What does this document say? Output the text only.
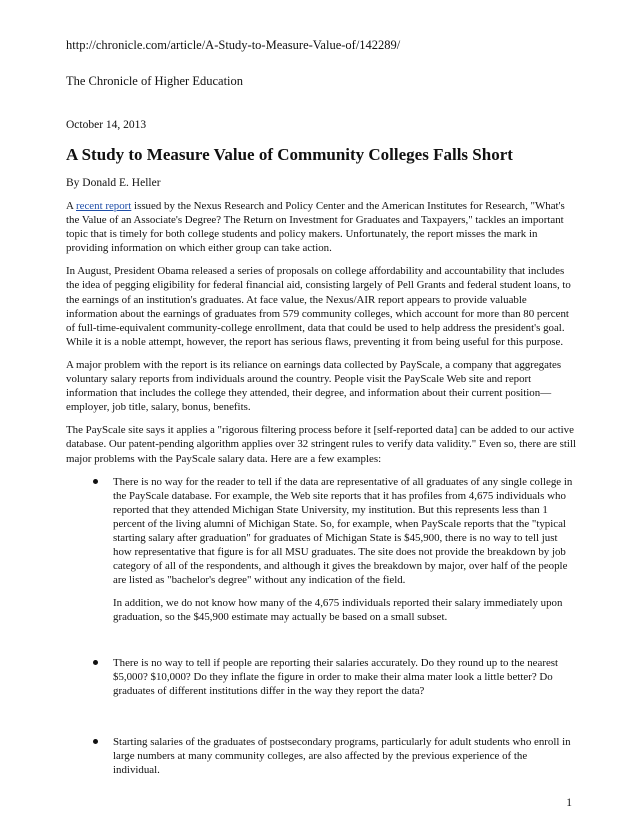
http://chronicle.com/article/A-Study-to-Measure-Value-of/142289/
The Chronicle of Higher Education
October 14, 2013
A Study to Measure Value of Community Colleges Falls Short
By Donald E. Heller

A recent report issued by the Nexus Research and Policy Center and the American Institutes for Research, "What's the Value of an Associate's Degree? The Return on Investment for Graduates and Taxpayers," tackles an important topic that is timely for both college students and policy makers. Unfortunately, the report misses the mark in providing information on which either group can take action.

In August, President Obama released a series of proposals on college affordability and accountability that includes the idea of pegging eligibility for federal financial aid, consisting largely of Pell Grants and federal student loans, to the earnings of an institution's graduates. At face value, the Nexus/AIR report appears to provide valuable information about the earnings of graduates from 579 community colleges, which account for more than 80 percent of full-time-equivalent community-college enrollment, data that could be used to help address the president's goal. While it is a noble attempt, however, the report has serious flaws, preventing it from being useful for this purpose.

A major problem with the report is its reliance on earnings data collected by PayScale, a company that aggregates voluntary salary reports from individuals around the country. People visit the PayScale Web site and report information that includes the college they attended, their degree, and information about their current position—employer, job title, salary, bonus, benefits.

The PayScale site says it applies a "rigorous filtering process before it [self-reported data] can be added to our active database. Our patent-pending algorithm applies over 32 stringent rules to verify data validity." Even so, there are still major problems with the PayScale salary data. Here are a few examples:

There is no way for the reader to tell if the data are representative of all graduates of any single college in the PayScale database. For example, the Web site reports that it has profiles from 4,675 individuals who reported that they attended Michigan State University, my institution. But this represents less than 1 percent of the living alumni of Michigan State. So, for example, when PayScale reports that the "typical starting salary after graduation" for graduates of Michigan State is $45,900, there is no way to tell just how representative that figure is for all MSU graduates. The site does not provide the breakdown by job category of all of the respondents, and although it gives the breakdown by major, over half of the people are listed as "bachelor's degree" without any indication of the field.

In addition, we do not know how many of the 4,675 individuals reported their salary immediately upon graduation, so the $45,900 estimate may actually be based on a small subset.

There is no way to tell if people are reporting their salaries accurately. Do they round up to the nearest $5,000? $10,000? Do they inflate the figure in order to make their alma mater look a little better? Do graduates of different institutions differ in the way they report the data?

Starting salaries of the graduates of postsecondary programs, particularly for adult students who enroll in large numbers at many community colleges, are also affected by the previous experience of the individual.

1
